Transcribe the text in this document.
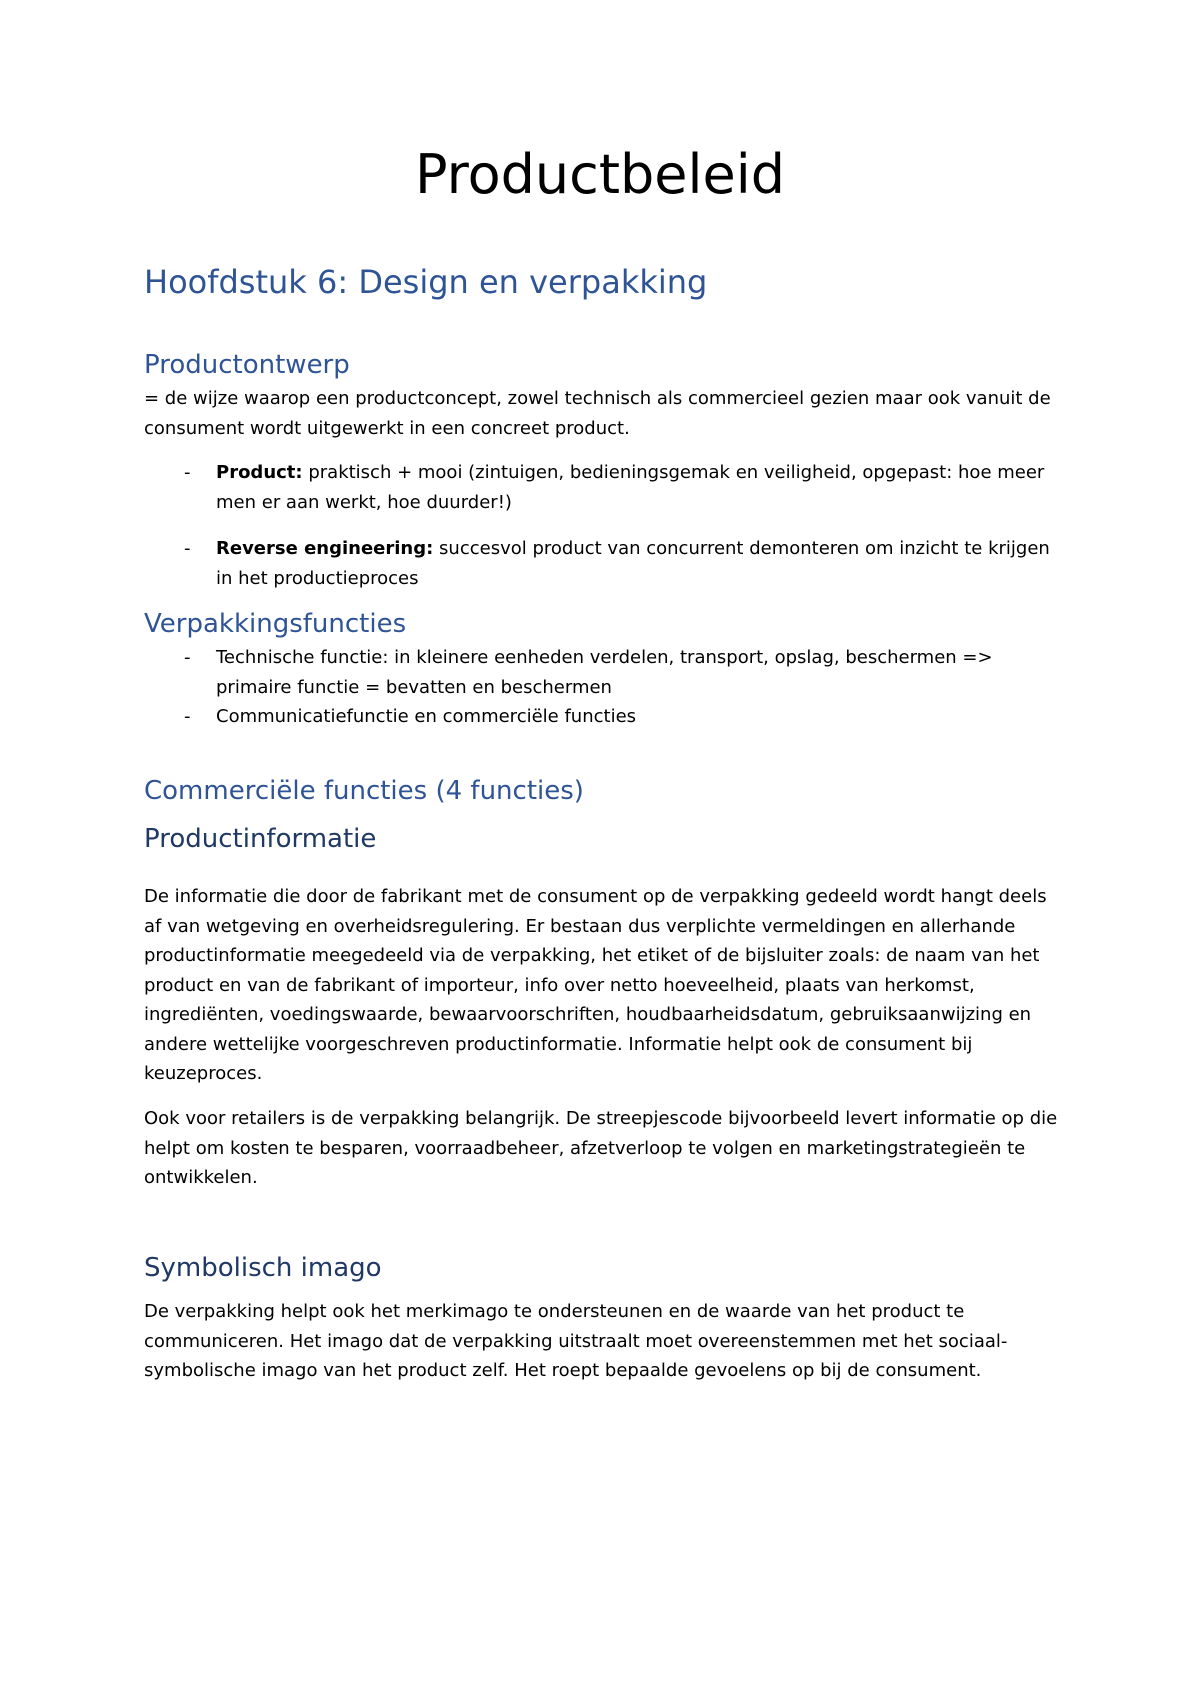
Productbeleid
Hoofdstuk 6: Design en verpakking
Productontwerp

= de wijze waarop een productconcept, zowel technisch als commercieel gezien maar ook vanuit de consument wordt uitgewerkt in een concreet product.

- Product: praktisch + mooi (zintuigen, bedieningsgemak en veiligheid, opgepast: hoe meer men er aan werkt, hoe duurder!)
- Reverse engineering: succesvol product van concurrent demonteren om inzicht te krijgen in het productieproces
Verpakkingsfuncties
- Technische functie: in kleinere eenheden verdelen, transport, opslag, beschermen => primaire functie = bevatten en beschermen
- Communicatiefunctie en commerciële functies
Commerciële functies (4 functies)
Productinformatie

De informatie die door de fabrikant met de consument op de verpakking gedeeld wordt hangt deels af van wetgeving en overheidsregulering. Er bestaan dus verplichte vermeldingen en allerhande productinformatie meegedeeld via de verpakking, het etiket of de bijsluiter zoals: de naam van het product en van de fabrikant of importeur, info over netto hoeveelheid, plaats van herkomst, ingrediënten, voedingswaarde, bewaarvoorschriften, houdbaarheidsdatum, gebruiksaanwijzing en andere wettelijke voorgeschreven productinformatie. Informatie helpt ook de consument bij keuzeproces.

Ook voor retailers is de verpakking belangrijk. De streepjescode bijvoorbeeld levert informatie op die helpt om kosten te besparen, voorraadbeheer, afzetverloop te volgen en marketingstrategieën te ontwikkelen.

Symbolisch imago

De verpakking helpt ook het merkimago te ondersteunen en de waarde van het product te communiceren. Het imago dat de verpakking uitstraalt moet overeenstemmen met het sociaal-symbolische imago van het product zelf. Het roept bepaalde gevoelens op bij de consument.
